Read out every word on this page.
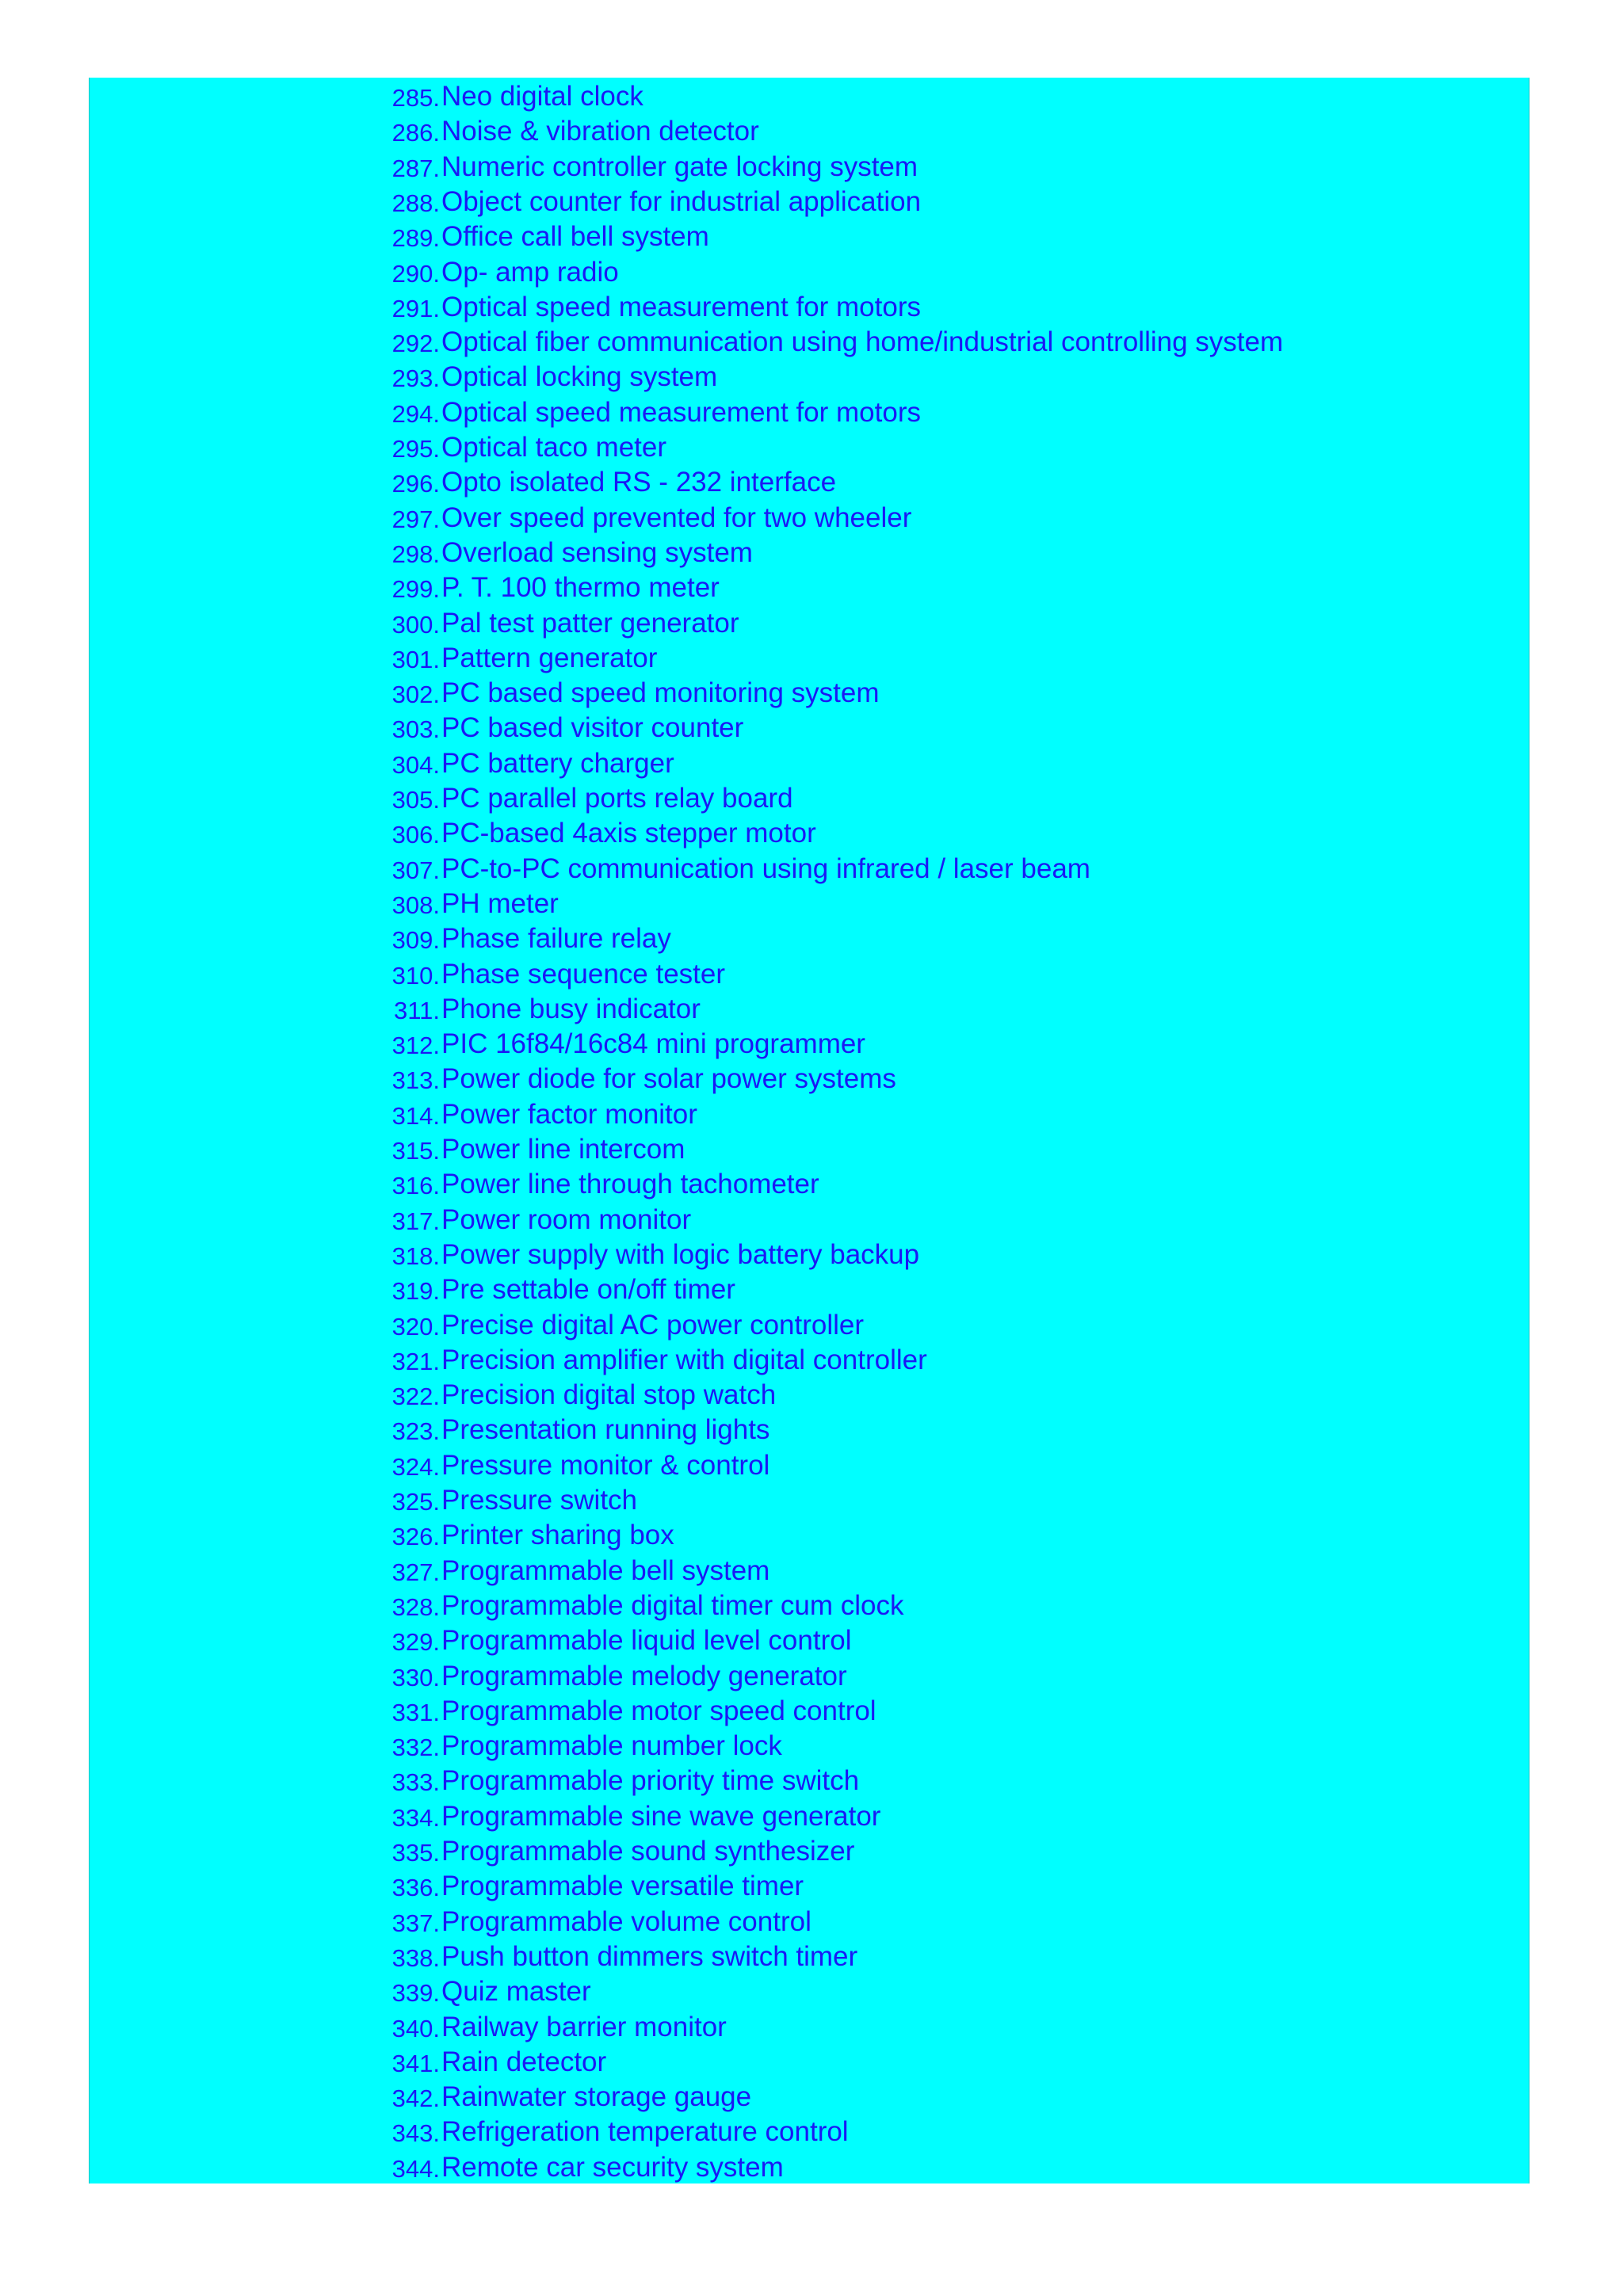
285. Neo digital clock
286. Noise & vibration detector
287. Numeric controller gate locking system
288. Object counter for industrial application
289. Office call bell system
290. Op- amp radio
291. Optical speed measurement for motors
292. Optical fiber communication using home/industrial controlling system
293. Optical locking system
294. Optical speed measurement for motors
295. Optical taco meter
296. Opto isolated RS - 232 interface
297. Over speed prevented for two wheeler
298. Overload sensing system
299. P. T. 100 thermo meter
300. Pal test patter generator
301. Pattern generator
302. PC based speed monitoring system
303. PC based visitor counter
304. PC battery charger
305. PC parallel ports relay board
306. PC-based 4axis stepper motor
307. PC-to-PC communication using infrared / laser beam
308. PH meter
309. Phase failure relay
310. Phase sequence tester
311. Phone busy indicator
312. PIC 16f84/16c84 mini programmer
313. Power diode for solar power systems
314. Power factor monitor
315. Power line intercom
316. Power line through tachometer
317. Power room monitor
318. Power supply with logic battery backup
319. Pre settable on/off timer
320. Precise digital AC power controller
321. Precision amplifier with digital controller
322. Precision digital stop watch
323. Presentation running lights
324. Pressure monitor & control
325. Pressure switch
326. Printer sharing box
327. Programmable bell system
328. Programmable digital timer cum clock
329. Programmable liquid level control
330. Programmable melody generator
331. Programmable motor speed control
332. Programmable number lock
333. Programmable priority time switch
334. Programmable sine wave generator
335. Programmable sound synthesizer
336. Programmable versatile timer
337. Programmable volume control
338. Push button dimmers switch timer
339. Quiz master
340. Railway barrier monitor
341. Rain detector
342. Rainwater storage gauge
343. Refrigeration temperature control
344. Remote car security system
